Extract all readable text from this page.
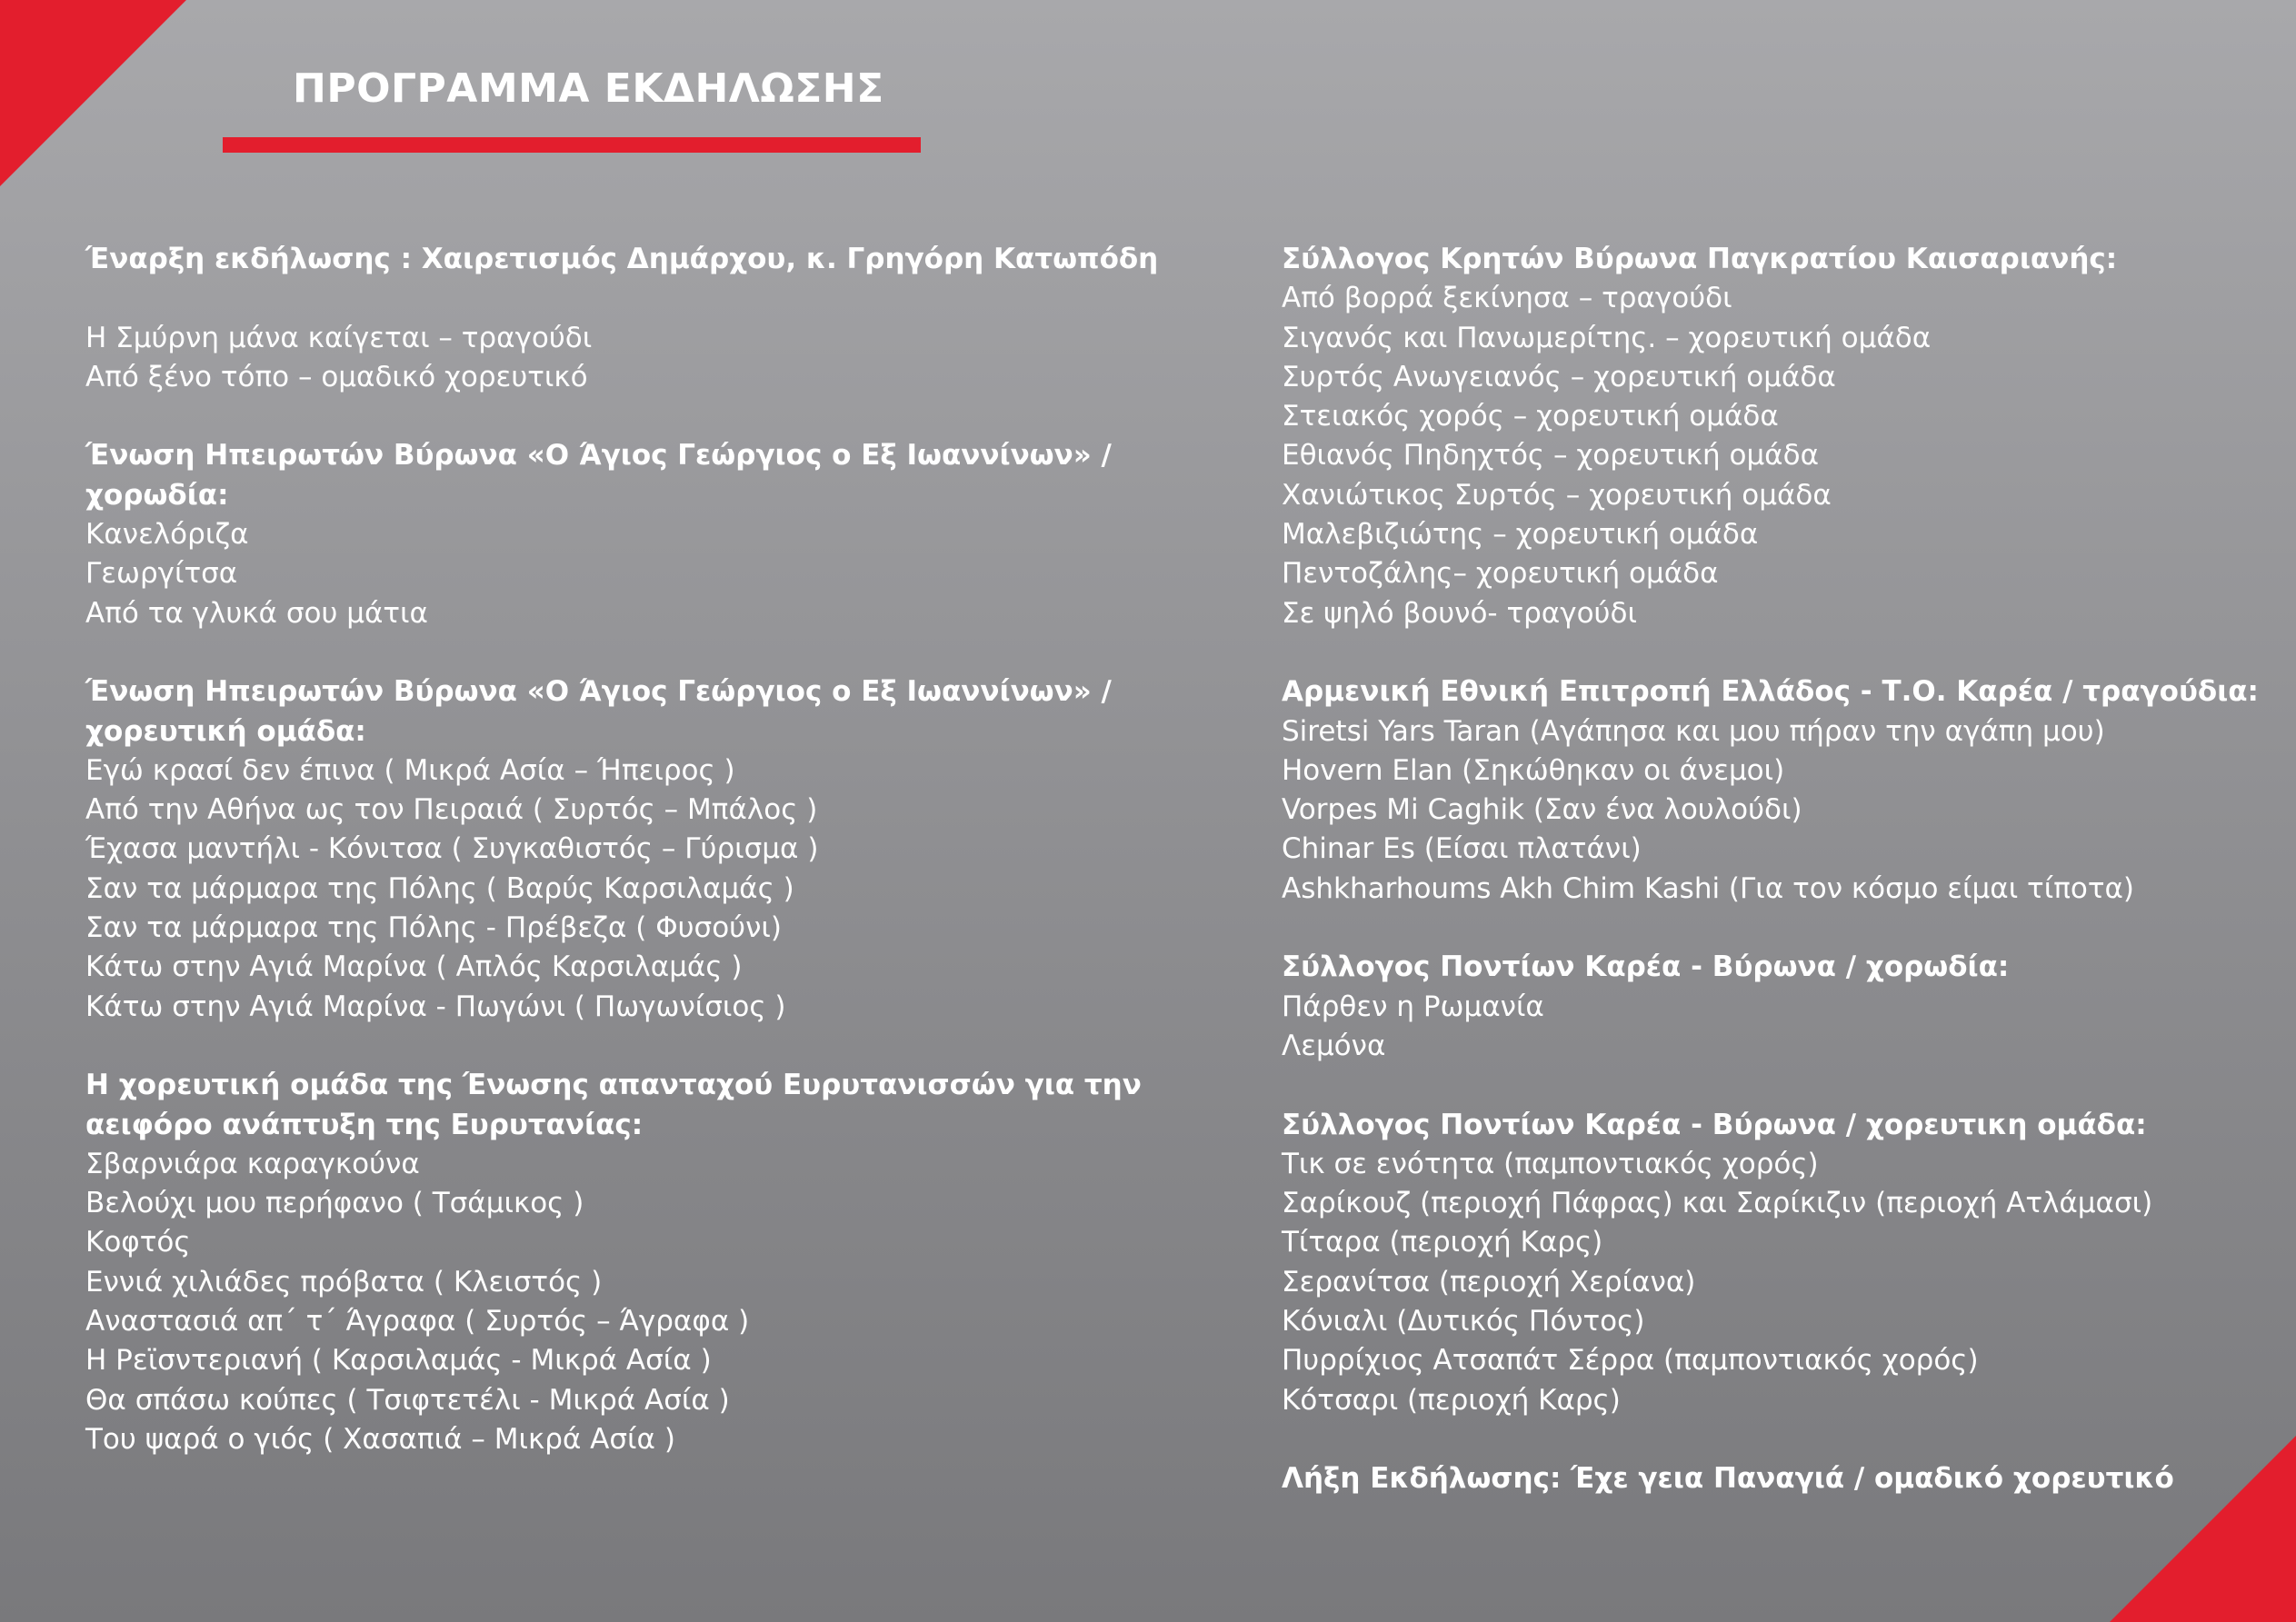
ΠΡΟΓΡΑΜΜΑ ΕΚΔΗΛΩΣΗΣ
Έναρξη εκδήλωσης : Χαιρετισμός Δημάρχου, κ. Γρηγόρη Κατωπόδη
Η Σμύρνη μάνα καίγεται – τραγούδι
Από ξένο τόπο – ομαδικό χορευτικό
Ένωση Ηπειρωτών Βύρωνα «Ο Άγιος Γεώργιος ο Εξ Ιωαννίνων» /
χορωδία:
Κανελόριζα
Γεωργίτσα
Από τα γλυκά σου μάτια
Ένωση Ηπειρωτών Βύρωνα «Ο Άγιος Γεώργιος ο Εξ Ιωαννίνων» /
χορευτική ομάδα:
Εγώ κρασί δεν έπινα ( Μικρά Ασία – Ήπειρος )
Από την Αθήνα ως τον Πειραιά ( Συρτός – Μπάλος )
Έχασα μαντήλι - Κόνιτσα ( Συγκαθιστός – Γύρισμα )
Σαν τα μάρμαρα της Πόλης ( Βαρύς Καρσιλαμάς )
Σαν τα μάρμαρα της Πόλης - Πρέβεζα ( Φυσούνι)
Κάτω στην Αγιά Μαρίνα ( Απλός Καρσιλαμάς )
Κάτω στην Αγιά Μαρίνα - Πωγώνι ( Πωγωνίσιος )
Η χορευτική ομάδα της Ένωσης απανταχού Ευρυτανισσών για την
αειφόρο ανάπτυξη της Ευρυτανίας:
Σβαρνιάρα καραγκούνα
Βελούχι μου περήφανο ( Τσάμικος )
Κοφτός
Εννιά χιλιάδες πρόβατα ( Κλειστός )
Αναστασιά απ΄ τ΄ Άγραφα ( Συρτός – Άγραφα )
Η Ρεϊσντεριανή ( Καρσιλαμάς - Μικρά Ασία )
Θα σπάσω κούπες ( Τσιφτετέλι - Μικρά Ασία )
Του ψαρά ο γιός ( Χασαπιά – Μικρά Ασία )
Σύλλογος Κρητών Βύρωνα Παγκρατίου Καισαριανής:
Από βορρά ξεκίνησα – τραγούδι
Σιγανός και Πανωμερίτης. – χορευτική ομάδα
Συρτός Ανωγειανός – χορευτική ομάδα
Στειακός χορός – χορευτική ομάδα
Εθιανός Πηδηχτός – χορευτική ομάδα
Χανιώτικος Συρτός – χορευτική ομάδα
Μαλεβιζιώτης – χορευτική ομάδα
Πεντοζάλης– χορευτική ομάδα
Σε ψηλό βουνό- τραγούδι
Αρμενική Εθνική Επιτροπή Ελλάδος - Τ.Ο. Καρέα / τραγούδια:
Siretsi Yars Taran (Αγάπησα και μου πήραν την αγάπη μου)
Hovern Elan (Σηκώθηκαν οι άνεμοι)
Vorpes Mi Caghik (Σαν ένα λουλούδι)
Chinar Es (Είσαι πλατάνι)
Ashkharhoums Akh Chim Kashi (Για τον κόσμο είμαι τίποτα)
Σύλλογος Ποντίων Καρέα - Βύρωνα / χορωδία:
Πάρθεν η Ρωμανία
Λεμόνα
Σύλλογος Ποντίων Καρέα - Βύρωνα / χορευτικη ομάδα:
Τικ σε ενότητα (παμποντιακός χορός)
Σαρίκουζ (περιοχή Πάφρας) και Σαρίκιζιν (περιοχή Ατλάμασι)
Τίταρα (περιοχή Καρς)
Σερανίτσα (περιοχή Χερίανα)
Κόνιαλι (Δυτικός Πόντος)
Πυρρίχιος Ατσαπάτ Σέρρα (παμποντιακός χορός)
Κότσαρι (περιοχή Καρς)
Λήξη Εκδήλωσης: Έχε γεια Παναγιά / ομαδικό χορευτικό
